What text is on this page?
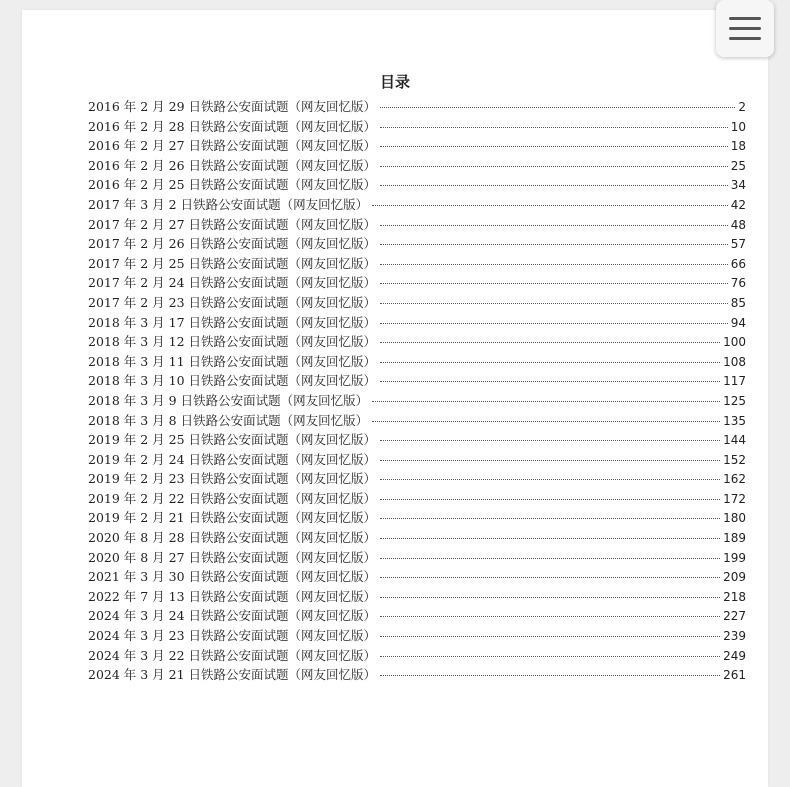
目录
2016 年 2 月 29 日铁路公安面试题（网友回忆版）	2
2016 年 2 月 28 日铁路公安面试题（网友回忆版）	10
2016 年 2 月 27 日铁路公安面试题（网友回忆版）	18
2016 年 2 月 26 日铁路公安面试题（网友回忆版）	25
2016 年 2 月 25 日铁路公安面试题（网友回忆版）	34
2017 年 3 月 2 日铁路公安面试题（网友回忆版）	42
2017 年 2 月 27 日铁路公安面试题（网友回忆版）	48
2017 年 2 月 26 日铁路公安面试题（网友回忆版）	57
2017 年 2 月 25 日铁路公安面试题（网友回忆版）	66
2017 年 2 月 24 日铁路公安面试题（网友回忆版）	76
2017 年 2 月 23 日铁路公安面试题（网友回忆版）	85
2018 年 3 月 17 日铁路公安面试题（网友回忆版）	94
2018 年 3 月 12 日铁路公安面试题（网友回忆版）	100
2018 年 3 月 11 日铁路公安面试题（网友回忆版）	108
2018 年 3 月 10 日铁路公安面试题（网友回忆版）	117
2018 年 3 月 9 日铁路公安面试题（网友回忆版）	125
2018 年 3 月 8 日铁路公安面试题（网友回忆版）	135
2019 年 2 月 25 日铁路公安面试题（网友回忆版）	144
2019 年 2 月 24 日铁路公安面试题（网友回忆版）	152
2019 年 2 月 23 日铁路公安面试题（网友回忆版）	162
2019 年 2 月 22 日铁路公安面试题（网友回忆版）	172
2019 年 2 月 21 日铁路公安面试题（网友回忆版）	180
2020 年 8 月 28 日铁路公安面试题（网友回忆版）	189
2020 年 8 月 27 日铁路公安面试题（网友回忆版）	199
2021 年 3 月 30 日铁路公安面试题（网友回忆版）	209
2022 年 7 月 13 日铁路公安面试题（网友回忆版）	218
2024 年 3 月 24 日铁路公安面试题（网友回忆版）	227
2024 年 3 月 23 日铁路公安面试题（网友回忆版）	239
2024 年 3 月 22 日铁路公安面试题（网友回忆版）	249
2024 年 3 月 21 日铁路公安面试题（网友回忆版）	261
